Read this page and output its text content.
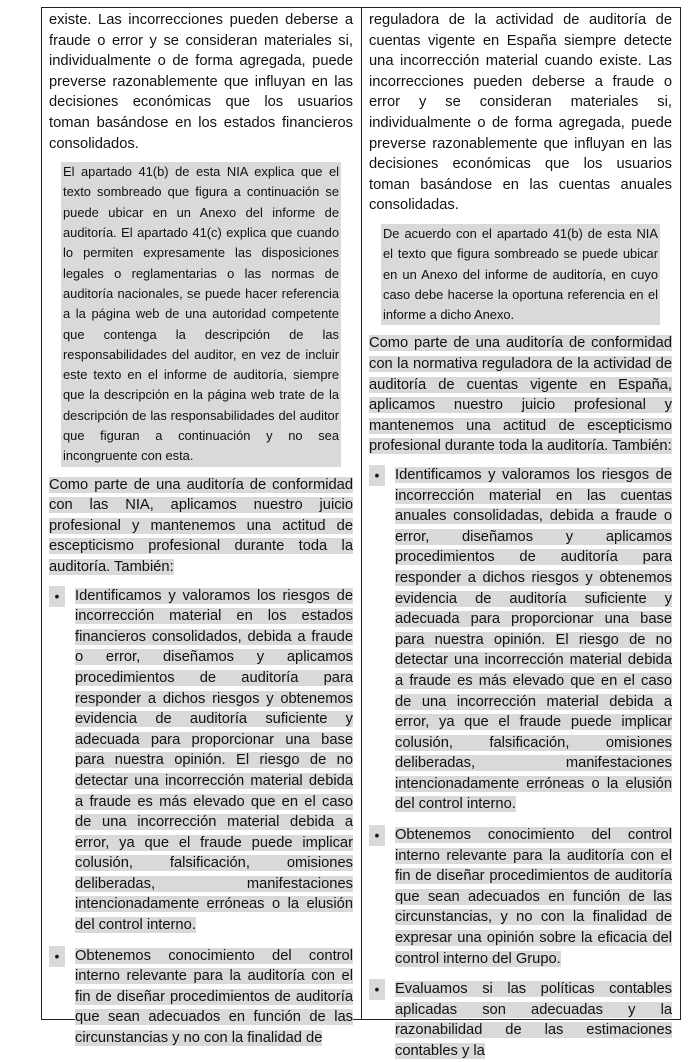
existe. Las incorrecciones pueden deberse a fraude o error y se consideran materiales si, individualmente o de forma agregada, puede preverse razonablemente que influyan en las decisiones económicas que los usuarios toman basándose en los estados financieros consolidados.

El apartado 41(b) de esta NIA explica que el texto sombreado que figura a continuación se puede ubicar en un Anexo del informe de auditoría. El apartado 41(c) explica que cuando lo permiten expresamente las disposiciones legales o reglamentarias o las normas de auditoría nacionales, se puede hacer referencia a la página web de una autoridad competente que contenga la descripción de las responsabilidades del auditor, en vez de incluir este texto en el informe de auditoría, siempre que la descripción en la página web trate de la descripción de las responsabilidades del auditor que figuran a continuación y no sea incongruente con esta.

Como parte de una auditoría de conformidad con las NIA, aplicamos nuestro juicio profesional y mantenemos una actitud de escepticismo profesional durante toda la auditoría. También:

•	Identificamos y valoramos los riesgos de incorrección material en los estados financieros consolidados, debida a fraude o error, diseñamos y aplicamos procedimientos de auditoría para responder a dichos riesgos y obtenemos evidencia de auditoría suficiente y adecuada para proporcionar una base para nuestra opinión. El riesgo de no detectar una incorrección material debida a fraude es más elevado que en el caso de una incorrección material debida a error, ya que el fraude puede implicar colusión, falsificación, omisiones deliberadas, manifestaciones intencionadamente erróneas o la elusión del control interno.
•	Obtenemos conocimiento del control interno relevante para la auditoría con el fin de diseñar procedimientos de auditoría que sean adecuados en función de las circunstancias y no con la finalidad de

reguladora de la actividad de auditoría de cuentas vigente en España siempre detecte una incorrección material cuando existe. Las incorrecciones pueden deberse a fraude o error y se consideran materiales si, individualmente o de forma agregada, puede preverse razonablemente que influyan en las decisiones económicas que los usuarios toman basándose en las cuentas anuales consolidadas.

De acuerdo con el apartado 41(b) de esta NIA el texto que figura sombreado se puede ubicar en un Anexo del informe de auditoría, en cuyo caso debe hacerse la oportuna referencia en el informe a dicho Anexo.

Como parte de una auditoría de conformidad con la normativa reguladora de la actividad de auditoría de cuentas vigente en España, aplicamos nuestro juicio profesional y mantenemos una actitud de escepticismo profesional durante toda la auditoría. También:

•	Identificamos y valoramos los riesgos de incorrección material en las cuentas anuales consolidadas, debida a fraude o error, diseñamos y aplicamos procedimientos de auditoría para responder a dichos riesgos y obtenemos evidencia de auditoría suficiente y adecuada para proporcionar una base para nuestra opinión. El riesgo de no detectar una incorrección material debida a fraude es más elevado que en el caso de una incorrección material debida a error, ya que el fraude puede implicar colusión, falsificación, omisiones deliberadas, manifestaciones intencionadamente erróneas o la elusión del control interno.
•	Obtenemos conocimiento del control interno relevante para la auditoría con el fin de diseñar procedimientos de auditoría que sean adecuados en función de las circunstancias, y no con la finalidad de expresar una opinión sobre la eficacia del control interno del Grupo.
•	Evaluamos si las políticas contables aplicadas son adecuadas y la razonabilidad de las estimaciones contables y la
